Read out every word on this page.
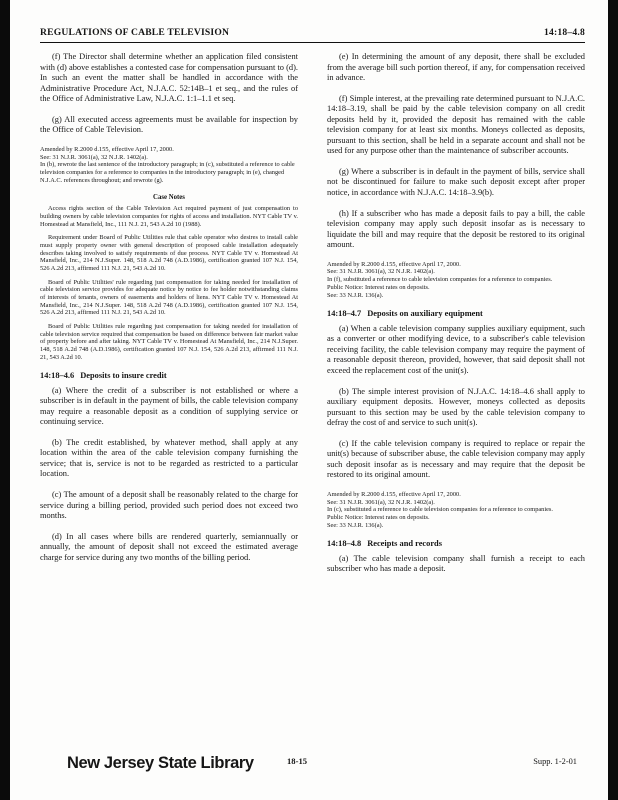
REGULATIONS OF CABLE TELEVISION	14:18–4.8

(f) The Director shall determine whether an application filed consistent with (d) above establishes a contested case for compensation pursuant to (d). In such an event the matter shall be handled in accordance with the Administrative Procedure Act, N.J.A.C. 52:14B–1 et seq., and the rules of the Office of Administrative Law, N.J.A.C. 1:1–1.1 et seq.

(g) All executed access agreements must be available for inspection by the Office of Cable Television.

Amended by R.2000 d.155, effective April 17, 2000.

See: 31 N.J.R. 3061(a), 32 N.J.R. 1402(a).

In (b), rewrote the last sentence of the introductory paragraph; in (c), substituted a reference to cable television companies for a reference to companies in the introductory paragraph; in (e), changed N.J.A.C. references throughout; and rewrote (g).

Case Notes

Access rights section of the Cable Television Act required payment of just compensation to building owners by cable television companies for rights of access and installation. NYT Cable TV v. Homestead at Mansfield, Inc., 111 N.J. 21, 543 A.2d 10 (1988).

Requirement under Board of Public Utilities rule that cable operator who desires to install cable must supply property owner with general description of proposed cable installation adequately describes taking involved to satisfy requirements of due process. NYT Cable TV v. Homestead At Mansfield, Inc., 214 N.J.Super. 148, 518 A.2d 748 (A.D.1986), certification granted 107 N.J. 154, 526 A.2d 213, affirmed 111 N.J. 21, 543 A.2d 10.

Board of Public Utilities' rule regarding just compensation for taking needed for installation of cable television service provides for adequate notice by notice to fee holder notwithstanding claims of interests of tenants, owners of easements and holders of liens. NYT Cable TV v. Homestead At Mansfield, Inc., 214 N.J.Super. 148, 518 A.2d 748 (A.D.1986), certification granted 107 N.J. 154, 526 A.2d 213, affirmed 111 N.J. 21, 543 A.2d 10.

Board of Public Utilities rule regarding just compensation for taking needed for installation of cable television service required that compensation be based on difference between fair market value of property before and after taking. NYT Cable TV v. Homestead At Mansfield, Inc., 214 N.J.Super. 148, 518 A.2d 748 (A.D.1986), certification granted 107 N.J. 154, 526 A.2d 213, affirmed 111 N.J. 21, 543 A.2d 10.

14:18–4.6 Deposits to insure credit

(a) Where the credit of a subscriber is not established or where a subscriber is in default in the payment of bills, the cable television company may require a reasonable deposit as a condition of supplying service or continuing service.

(b) The credit established, by whatever method, shall apply at any location within the area of the cable television company furnishing the service; that is, service is not to be regarded as restricted to a particular location.

(c) The amount of a deposit shall be reasonably related to the charge for service during a billing period, provided such period does not exceed two months.

(d) In all cases where bills are rendered quarterly, semiannually or annually, the amount of deposit shall not exceed the estimated average charge for service during any two months of the billing period.

(e) In determining the amount of any deposit, there shall be excluded from the average bill such portion thereof, if any, for compensation received in advance.

(f) Simple interest, at the prevailing rate determined pursuant to N.J.A.C. 14:18–3.19, shall be paid by the cable television company on all credit deposits held by it, provided the deposit has remained with the cable television company for at least six months. Moneys collected as deposits, pursuant to this section, shall be held in a separate account and shall not be used for any purpose other than the maintenance of subscriber accounts.

(g) Where a subscriber is in default in the payment of bills, service shall not be discontinued for failure to make such deposit except after proper notice, in accordance with N.J.A.C. 14:18–3.9(b).

(h) If a subscriber who has made a deposit fails to pay a bill, the cable television company may apply such deposit insofar as is necessary to liquidate the bill and may require that the deposit be restored to its original amount.

Amended by R.2000 d.155, effective April 17, 2000.

See: 31 N.J.R. 3061(a), 32 N.J.R. 1402(a).

In (f), substituted a reference to cable television companies for a reference to companies.

Public Notice: Interest rates on deposits.

See: 33 N.J.R. 136(a).

14:18–4.7 Deposits on auxiliary equipment

(a) When a cable television company supplies auxiliary equipment, such as a converter or other modifying device, to a subscriber's cable television receiving facility, the cable television company may require the payment of a reasonable deposit thereon, provided, however, that said deposit shall not exceed the replacement cost of the unit(s).

(b) The simple interest provision of N.J.A.C. 14:18–4.6 shall apply to auxiliary equipment deposits. However, moneys collected as deposits pursuant to this section may be used by the cable television company to defray the cost of and service to such unit(s).

(c) If the cable television company is required to replace or repair the unit(s) because of subscriber abuse, the cable television company may apply such deposit insofar as is necessary and may require that the deposit be restored to its original amount.

Amended by R.2000 d.155, effective April 17, 2000.

See: 31 N.J.R. 3061(a), 32 N.J.R. 1402(a).

In (c), substituted a reference to cable television companies for a reference to companies.

Public Notice: Interest rates on deposits.

See: 33 N.J.R. 136(a).

14:18–4.8 Receipts and records

(a) The cable television company shall furnish a receipt to each subscriber who has made a deposit.

New Jersey State Library	18-15	Supp. 1-2-01
